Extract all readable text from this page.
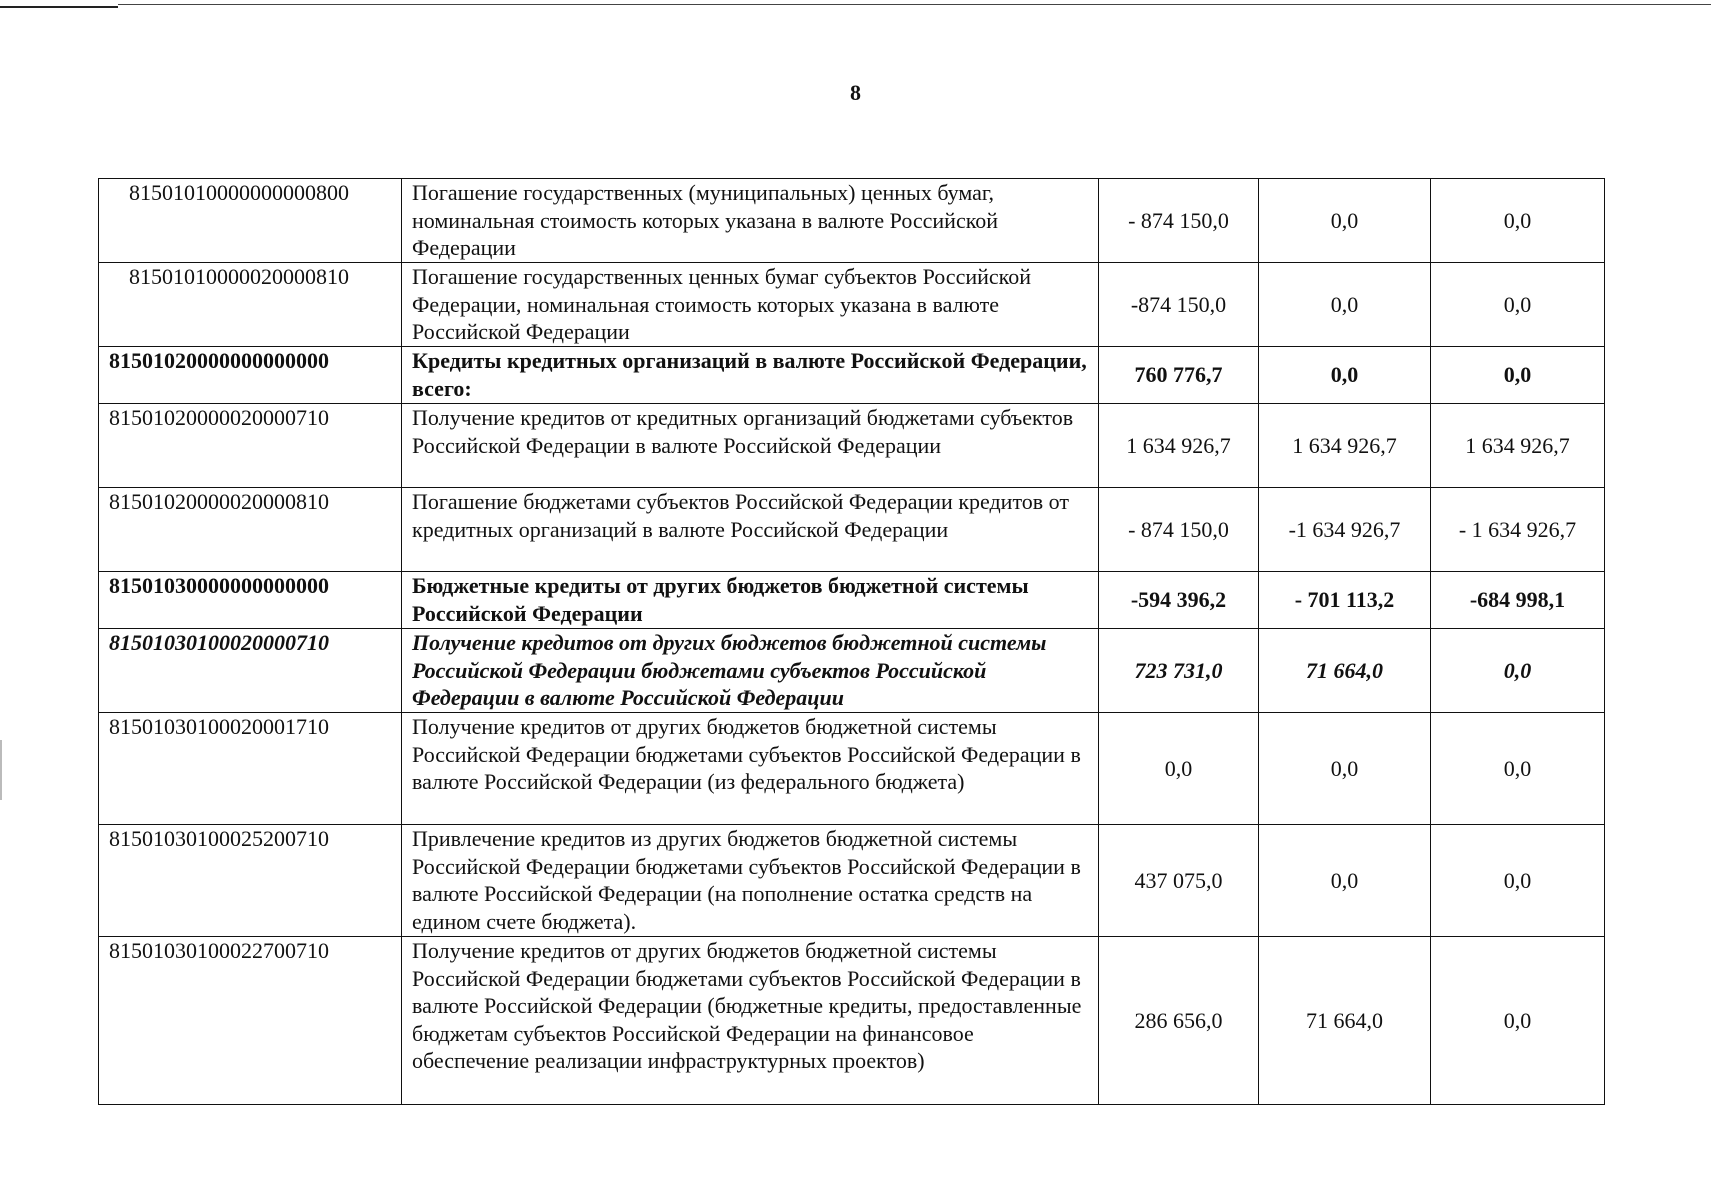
8
81501010000000000800	Погашение государственных (муниципальных) ценных бумаг, номинальная стоимость которых указана в валюте Российской Федерации	- 874 150,0	0,0	0,0
81501010000020000810	Погашение государственных ценных бумаг субъектов Российской Федерации, номинальная стоимость которых указана в валюте Российской Федерации	-874 150,0	0,0	0,0
81501020000000000000	Кредиты кредитных организаций в валюте Российской Федерации, всего:	760 776,7	0,0	0,0
81501020000020000710	Получение кредитов от кредитных организаций бюджетами субъектов Российской Федерации в валюте Российской Федерации	1 634 926,7	1 634 926,7	1 634 926,7
81501020000020000810	Погашение бюджетами субъектов Российской Федерации кредитов от кредитных организаций в валюте Российской Федерации	- 874 150,0	-1 634 926,7	- 1 634 926,7
81501030000000000000	Бюджетные кредиты от других бюджетов бюджетной системы Российской Федерации	-594 396,2	- 701 113,2	-684 998,1
81501030100020000710	Получение кредитов от других бюджетов бюджетной системы Российской Федерации бюджетами субъектов Российской Федерации в валюте Российской Федерации	723 731,0	71 664,0	0,0
81501030100020001710	Получение кредитов от других бюджетов бюджетной системы Российской Федерации бюджетами субъектов Российской Федерации в валюте Российской Федерации (из федерального бюджета)	0,0	0,0	0,0
81501030100025200710	Привлечение кредитов из других бюджетов бюджетной системы Российской Федерации бюджетами субъектов Российской Федерации в валюте Российской Федерации (на пополнение остатка средств на едином счете бюджета).	437 075,0	0,0	0,0
81501030100022700710	Получение кредитов от других бюджетов бюджетной системы Российской Федерации бюджетами субъектов Российской Федерации в валюте Российской Федерации (бюджетные кредиты, предоставленные бюджетам субъектов Российской Федерации на финансовое обеспечение реализации инфраструктурных проектов)	286 656,0	71 664,0	0,0
